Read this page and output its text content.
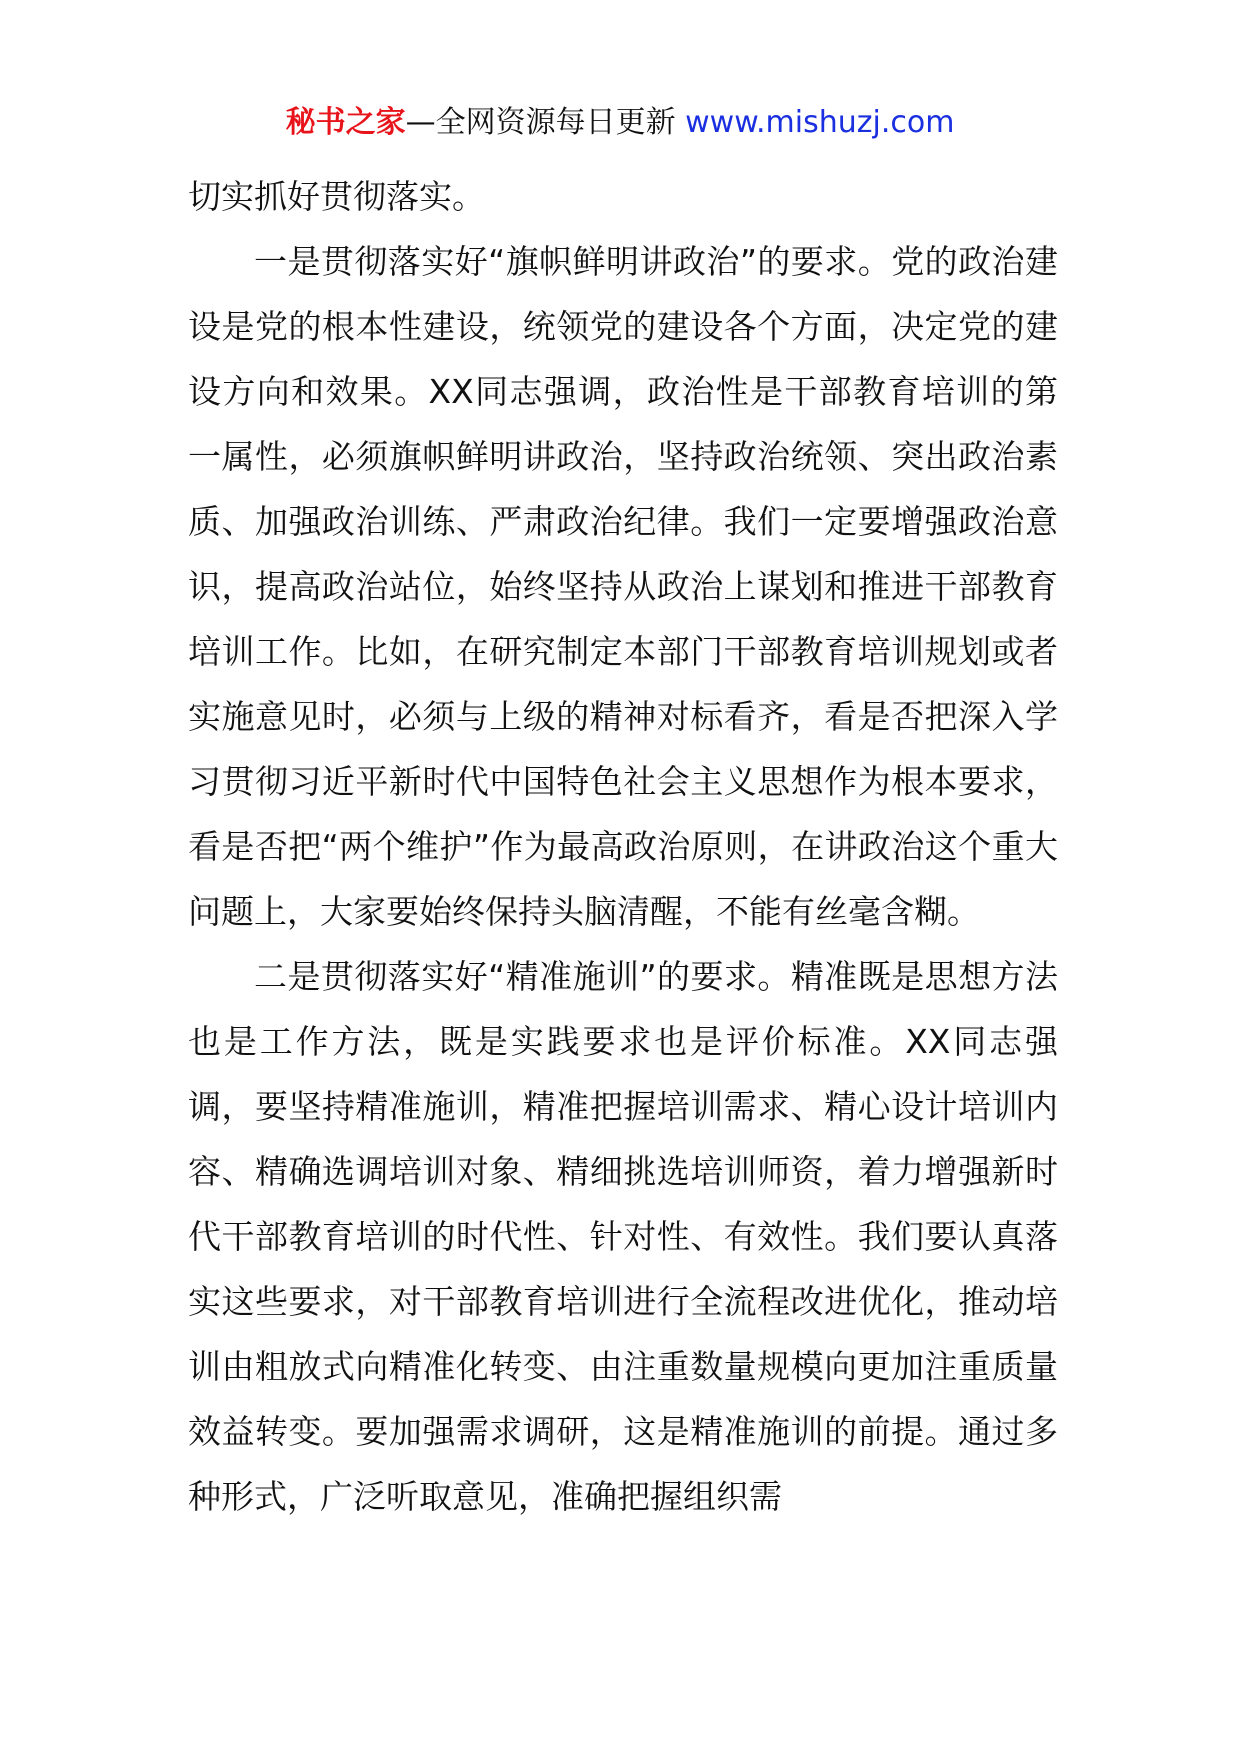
秘书之家—全网资源每日更新 www.mishuzj.com

切实抓好贯彻落实。

一是贯彻落实好“旗帜鲜明讲政治”的要求。党的政治建设是党的根本性建设，统领党的建设各个方面，决定党的建设方向和效果。XX同志强调，政治性是干部教育培训的第一属性，必须旗帜鲜明讲政治，坚持政治统领、突出政治素质、加强政治训练、严肃政治纪律。我们一定要增强政治意识，提高政治站位，始终坚持从政治上谋划和推进干部教育培训工作。比如，在研究制定本部门干部教育培训规划或者实施意见时，必须与上级的精神对标看齐，看是否把深入学习贯彻习近平新时代中国特色社会主义思想作为根本要求，看是否把“两个维护”作为最高政治原则，在讲政治这个重大问题上，大家要始终保持头脑清醒，不能有丝毫含糊。

二是贯彻落实好“精准施训”的要求。精准既是思想方法也是工作方法，既是实践要求也是评价标准。XX同志强调，要坚持精准施训，精准把握培训需求、精心设计培训内容、精确选调培训对象、精细挑选培训师资，着力增强新时代干部教育培训的时代性、针对性、有效性。我们要认真落实这些要求，对干部教育培训进行全流程改进优化，推动培训由粗放式向精准化转变、由注重数量规模向更加注重质量效益转变。要加强需求调研，这是精准施训的前提。通过多种形式，广泛听取意见，准确把握组织需
